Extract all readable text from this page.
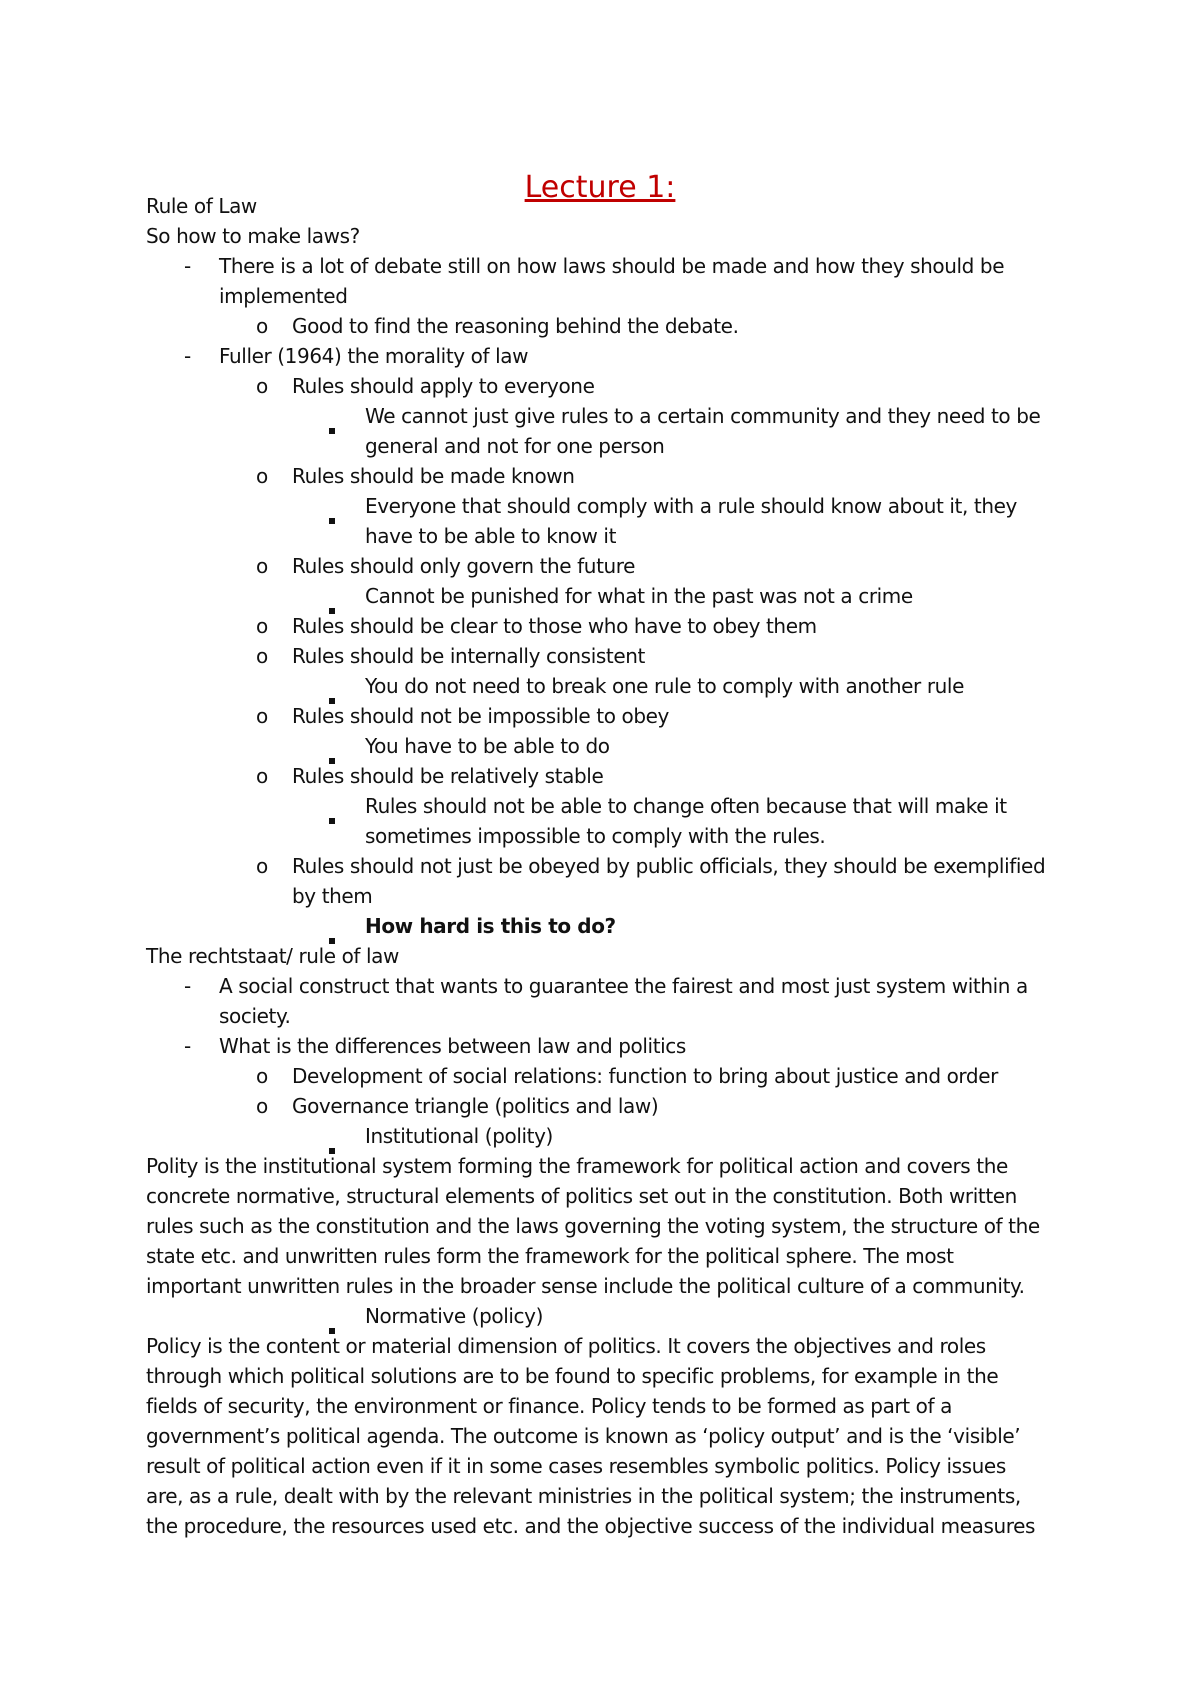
Lecture 1:
Rule of Law
So how to make laws?
- There is a lot of debate still on how laws should be made and how they should be
implemented
o Good to find the reasoning behind the debate.
- Fuller (1964) the morality of law
o Rules should apply to everyone
We cannot just give rules to a certain community and they need to be
general and not for one person
o Rules should be made known
Everyone that should comply with a rule should know about it, they
have to be able to know it
o Rules should only govern the future
Cannot be punished for what in the past was not a crime
o Rules should be clear to those who have to obey them
o Rules should be internally consistent
You do not need to break one rule to comply with another rule
o Rules should not be impossible to obey
You have to be able to do
o Rules should be relatively stable
Rules should not be able to change often because that will make it
sometimes impossible to comply with the rules.
o Rules should not just be obeyed by public officials, they should be exemplified
by them
How hard is this to do?
The rechtstaat/ rule of law
- A social construct that wants to guarantee the fairest and most just system within a
society.
- What is the differences between law and politics
o Development of social relations: function to bring about justice and order
o Governance triangle (politics and law)
Institutional (polity)
Polity is the institutional system forming the framework for political action and covers the
concrete normative, structural elements of politics set out in the constitution. Both written
rules such as the constitution and the laws governing the voting system, the structure of the
state etc. and unwritten rules form the framework for the political sphere. The most
important unwritten rules in the broader sense include the political culture of a community.
Normative (policy)
Policy is the content or material dimension of politics. It covers the objectives and roles
through which political solutions are to be found to specific problems, for example in the
fields of security, the environment or finance. Policy tends to be formed as part of a
government’s political agenda. The outcome is known as ‘policy output’ and is the ‘visible’
result of political action even if it in some cases resembles symbolic politics. Policy issues
are, as a rule, dealt with by the relevant ministries in the political system; the instruments,
the procedure, the resources used etc. and the objective success of the individual measures
